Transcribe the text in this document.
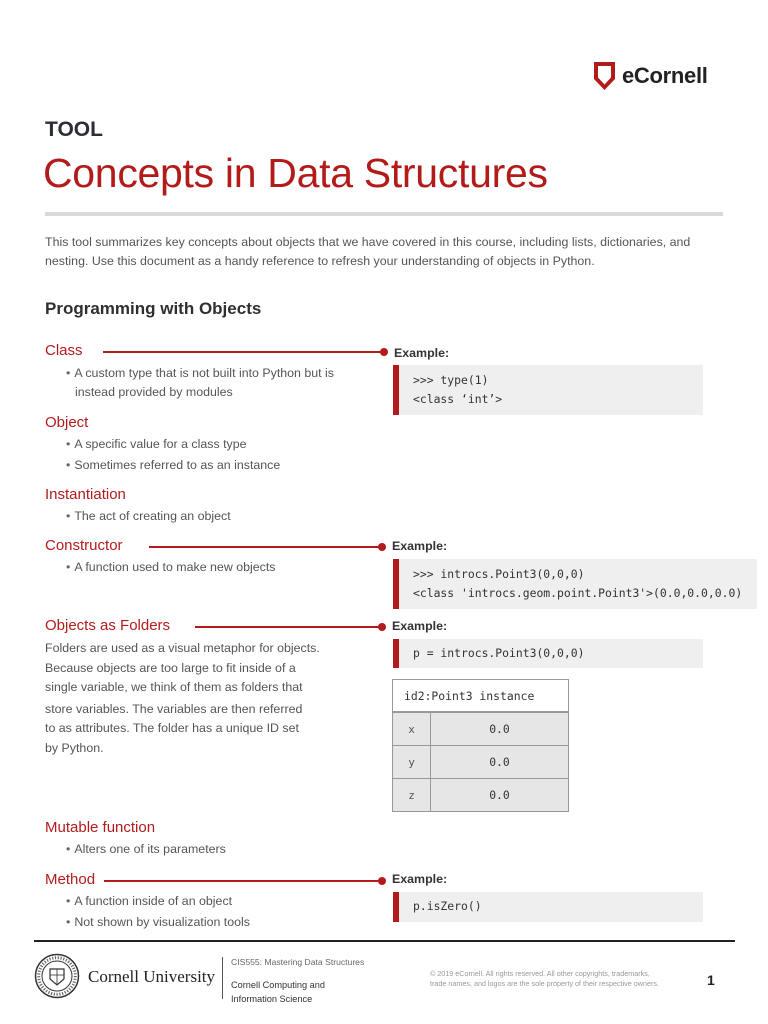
eCornell
TOOL
Concepts in Data Structures

This tool summarizes key concepts about objects that we have covered in this course, including lists, dictionaries, and nesting. Use this document as a handy reference to refresh your understanding of objects in Python.

Programming with Objects
Class	Example:
• A custom type that is not built into Python but is
instead provided by modules
>>> type(1)
<class ‘int’>
Object
• A specific value for a class type
• Sometimes referred to as an instance
Instantiation
• The act of creating an object
Constructor	Example:
• A function used to make new objects	>>> introcs.Point3(0,0,0)
<class 'introcs.geom.point.Point3'>(0.0,0.0,0.0)
Objects as Folders	Example:
Folders are used as a visual metaphor for objects.
Because objects are too large to fit inside of a
single variable, we think of them as folders that
store variables. The variables are then referred
to as attributes. The folder has a unique ID set
by Python.
p = introcs.Point3(0,0,0)
id2:Point3 instance
x	0.0
y	0.0
z	0.0
Mutable function
• Alters one of its parameters
Method	Example:
• A function inside of an object
• Not shown by visualization tools
p.isZero()
Cornell University
CIS555: Mastering Data Structures
Cornell Computing and
Information Science
© 2019 eCornell. All rights reserved. All other copyrights, trademarks,
trade names, and logos are the sole property of their respective owners.	1
